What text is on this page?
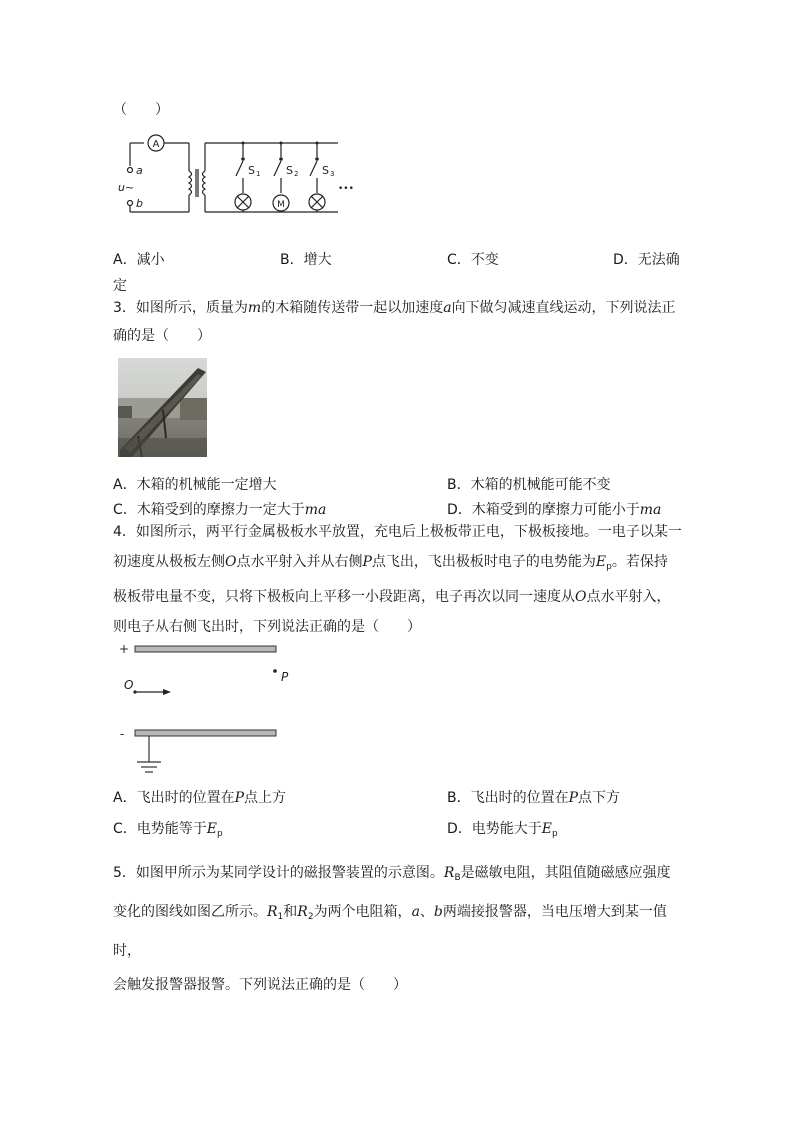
（　　）
A
a
b
u~
S 1 S 2 S 3
M
•••
A．减小	B．增大	C．不变	D．无法确
定
3．如图所示，质量为m的木箱随传送带一起以加速度a向下做匀减速直线运动，下列说法正
确的是（　　）
A．木箱的机械能一定增大	B．木箱的机械能可能不变
C．木箱受到的摩擦力一定大于ma	D．木箱受到的摩擦力可能小于ma
4．如图所示，两平行金属极板水平放置，充电后上极板带正电，下极板接地。一电子以某一
初速度从极板左侧O点水平射入并从右侧P点飞出，飞出极板时电子的电势能为$E_p$。若保持
极板带电量不变，只将下极板向上平移一小段距离，电子再次以同一速度从O点水平射入，
则电子从右侧飞出时，下列说法正确的是（　　）
+
-
O
P
A．飞出时的位置在P点上方	B．飞出时的位置在P点下方
C．电势能等于$E_p$	D．电势能大于$E_p$
5．如图甲所示为某同学设计的磁报警装置的示意图。$R_B$是磁敏电阻，其阻值随磁感应强度
变化的图线如图乙所示。$R_1$和$R_2$为两个电阻箱，a、b两端接报警器，当电压增大到某一值时，
会触发报警器报警。下列说法正确的是（　　）
